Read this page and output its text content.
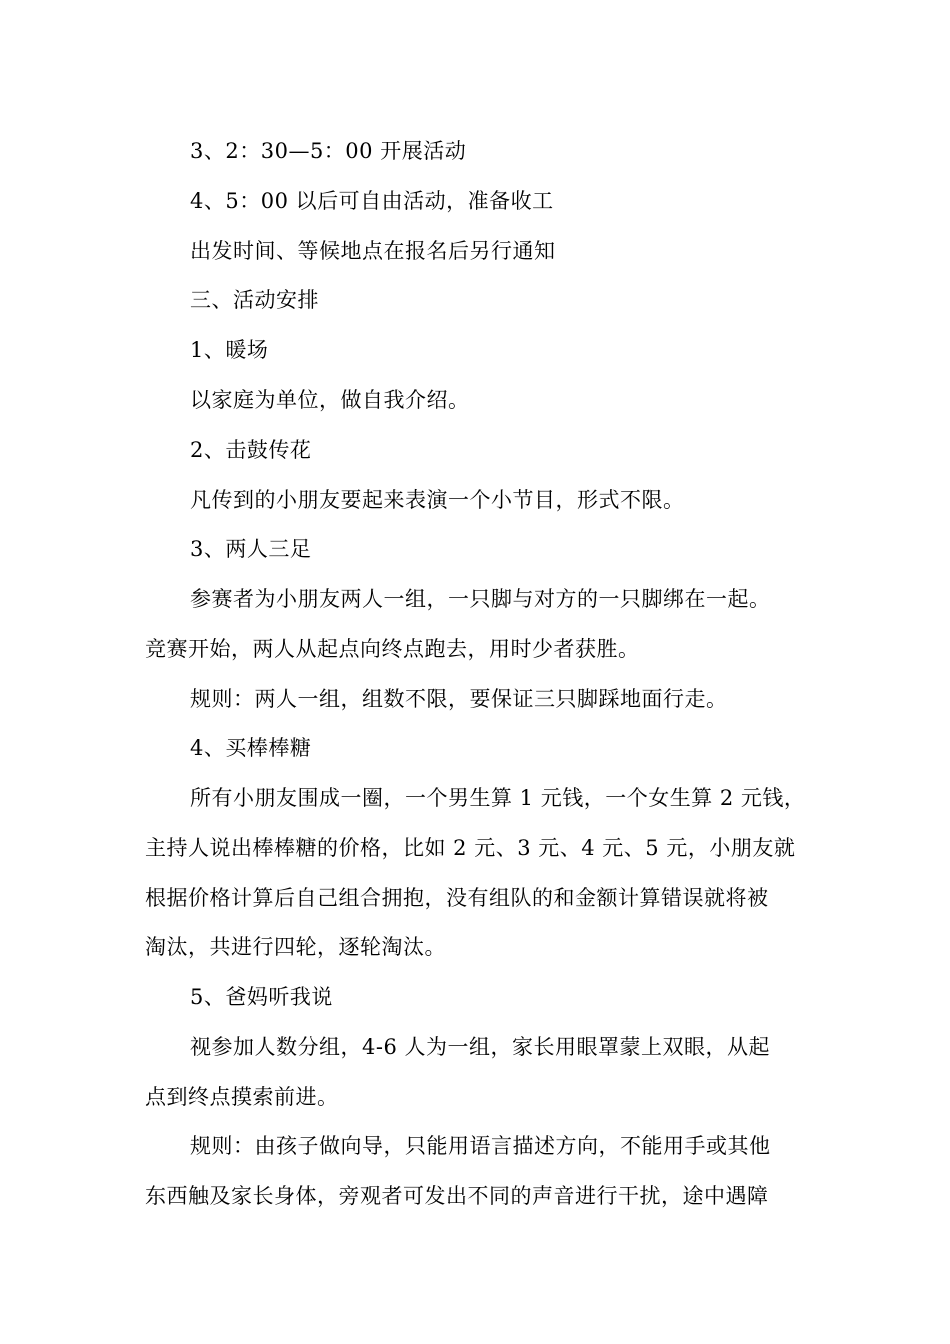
3、2：30—5：00 开展活动
4、5：00 以后可自由活动，准备收工
出发时间、等候地点在报名后另行通知
三、活动安排
1、暖场
以家庭为单位，做自我介绍。
2、击鼓传花
凡传到的小朋友要起来表演一个小节目，形式不限。
3、两人三足
参赛者为小朋友两人一组，一只脚与对方的一只脚绑在一起。
竞赛开始，两人从起点向终点跑去，用时少者获胜。
规则：两人一组，组数不限，要保证三只脚踩地面行走。
4、买棒棒糖
所有小朋友围成一圈，一个男生算 1 元钱，一个女生算 2 元钱，
主持人说出棒棒糖的价格，比如 2 元、3 元、4 元、5 元，小朋友就
根据价格计算后自己组合拥抱，没有组队的和金额计算错误就将被
淘汰，共进行四轮，逐轮淘汰。
5、爸妈听我说
视参加人数分组，4-6 人为一组，家长用眼罩蒙上双眼，从起
点到终点摸索前进。
规则：由孩子做向导，只能用语言描述方向，不能用手或其他
东西触及家长身体，旁观者可发出不同的声音进行干扰，途中遇障
